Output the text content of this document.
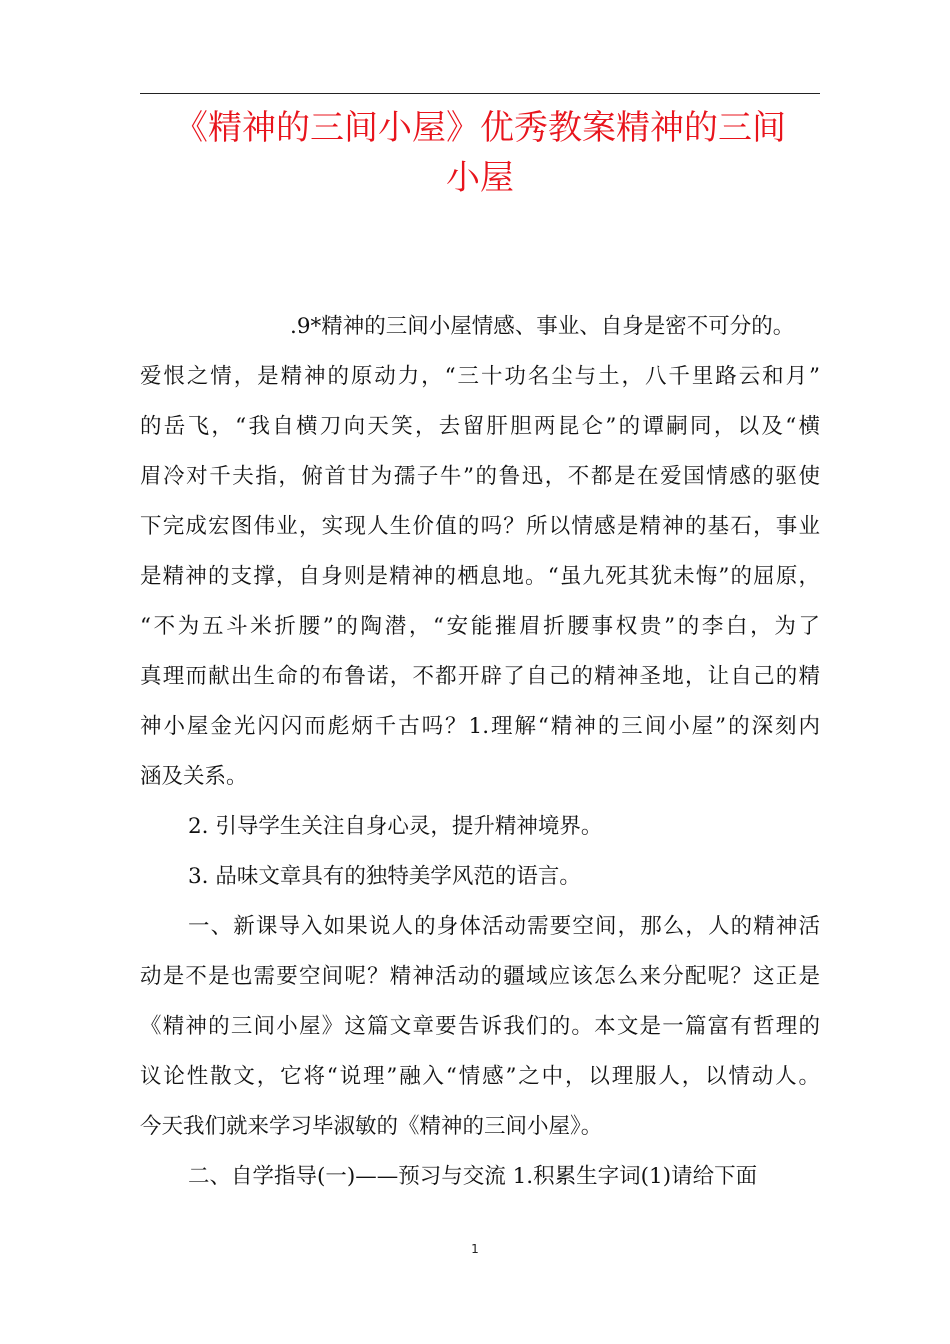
《精神的三间小屋》优秀教案精神的三间
小屋
.9*精神的三间小屋情感、事业、自身是密不可分的。
爱恨之情，是精神的原动力，“三十功名尘与土，八千里路云和月”
的岳飞，“我自横刀向天笑，去留肝胆两昆仑”的谭嗣同，以及“横
眉冷对千夫指，俯首甘为孺子牛”的鲁迅，不都是在爱国情感的驱使
下完成宏图伟业，实现人生价值的吗？所以情感是精神的基石，事业
是精神的支撑，自身则是精神的栖息地。“虽九死其犹未悔”的屈原，
“不为五斗米折腰”的陶潜，“安能摧眉折腰事权贵”的李白，为了
真理而献出生命的布鲁诺，不都开辟了自己的精神圣地，让自己的精
神小屋金光闪闪而彪炳千古吗？1.理解“精神的三间小屋”的深刻内
涵及关系。
2. 引导学生关注自身心灵，提升精神境界。
3. 品味文章具有的独特美学风范的语言。
一、新课导入如果说人的身体活动需要空间，那么，人的精神活
动是不是也需要空间呢？精神活动的疆域应该怎么来分配呢？这正是
《精神的三间小屋》这篇文章要告诉我们的。本文是一篇富有哲理的
议论性散文，它将“说理”融入“情感”之中，以理服人，以情动人。
今天我们就来学习毕淑敏的《精神的三间小屋》。
二、自学指导(一)——预习与交流 1.积累生字词(1)请给下面
1
